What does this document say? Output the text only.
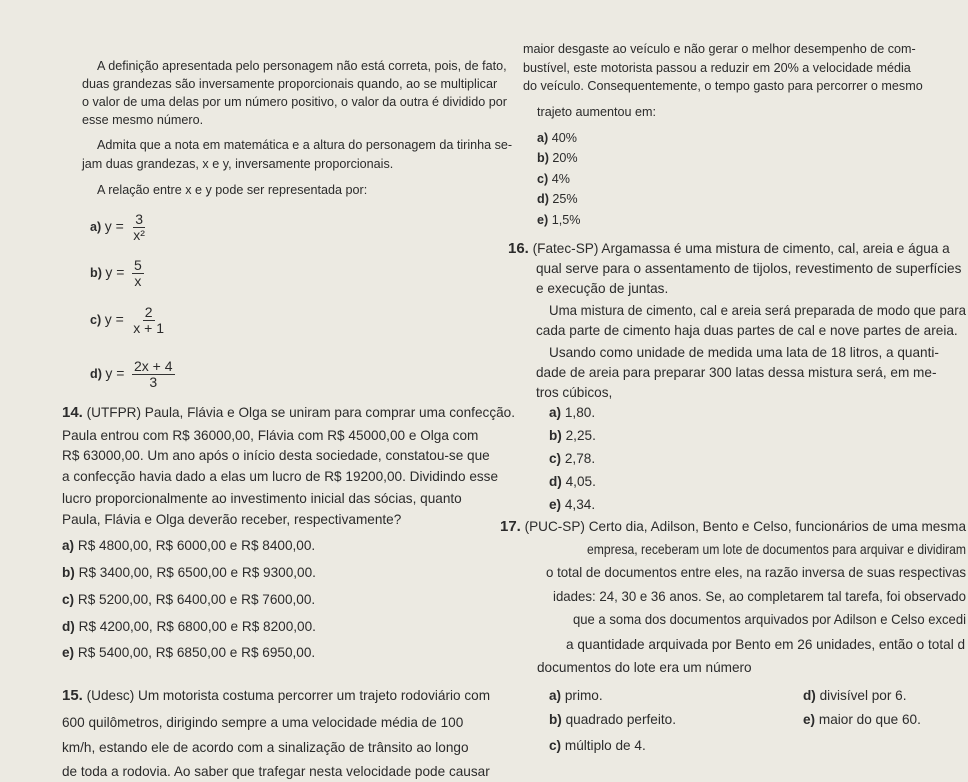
A definição apresentada pelo personagem não está correta, pois, de fato,
duas grandezas são inversamente proporcionais quando, ao se multiplicar
o valor de uma delas por um número positivo, o valor da outra é dividido por
esse mesmo número.
Admita que a nota em matemática e a altura do personagem da tirinha se-
jam duas grandezas, x e y, inversamente proporcionais.
A relação entre x e y pode ser representada por:
a) $y = \frac{3}{\text{x²}}$
b) $y = \frac{5}{x}$
c) $y = \frac{2}{x + 1}$
d) $y = \frac{2x + 4}{3}$
14. (UTFPR) Paula, Flávia e Olga se uniram para comprar uma confecção.
Paula entrou com R$ 36000,00, Flávia com R$ 45000,00 e Olga com
R$ 63000,00. Um ano após o início desta sociedade, constatou-se que
a confecção havia dado a elas um lucro de R$ 19200,00. Dividindo esse
lucro proporcionalmente ao investimento inicial das sócias, quanto
Paula, Flávia e Olga deverão receber, respectivamente?
a) R$ 4800,00, R$ 6000,00 e R$ 8400,00.
b) R$ 3400,00, R$ 6500,00 e R$ 9300,00.
c) R$ 5200,00, R$ 6400,00 e R$ 7600,00.
d) R$ 4200,00, R$ 6800,00 e R$ 8200,00.
e) R$ 5400,00, R$ 6850,00 e R$ 6950,00.
15. (Udesc) Um motorista costuma percorrer um trajeto rodoviário com
600 quilômetros, dirigindo sempre a uma velocidade média de 100
km/h, estando ele de acordo com a sinalização de trânsito ao longo
de toda a rodovia. Ao saber que trafegar nesta velocidade pode causar
maior desgaste ao veículo e não gerar o melhor desempenho de com-
bustível, este motorista passou a reduzir em 20% a velocidade média
do veículo. Consequentemente, o tempo gasto para percorrer o mesmo
trajeto aumentou em:
a) 40%
b) 20%
c) 4%
d) 25%
e) 1,5%
16. (Fatec-SP) Argamassa é uma mistura de cimento, cal, areia e água a
qual serve para o assentamento de tijolos, revestimento de superfícies
e execução de juntas.
Uma mistura de cimento, cal e areia será preparada de modo que para
cada parte de cimento haja duas partes de cal e nove partes de areia.
Usando como unidade de medida uma lata de 18 litros, a quanti-
dade de areia para preparar 300 latas dessa mistura será, em me-
tros cúbicos,
a) 1,80.
b) 2,25.
c) 2,78.
d) 4,05.
e) 4,34.
17. (PUC-SP) Certo dia, Adilson, Bento e Celso, funcionários de uma mesma
empresa, receberam um lote de documentos para arquivar e dividiram
o total de documentos entre eles, na razão inversa de suas respectivas
idades: 24, 30 e 36 anos. Se, ao completarem tal tarefa, foi observado
que a soma dos documentos arquivados por Adilson e Celso excedi
a quantidade arquivada por Bento em 26 unidades, então o total d
documentos do lote era um número
a) primo.
b) quadrado perfeito.
c) múltiplo de 4.
d) divisível por 6.
e) maior do que 60.
